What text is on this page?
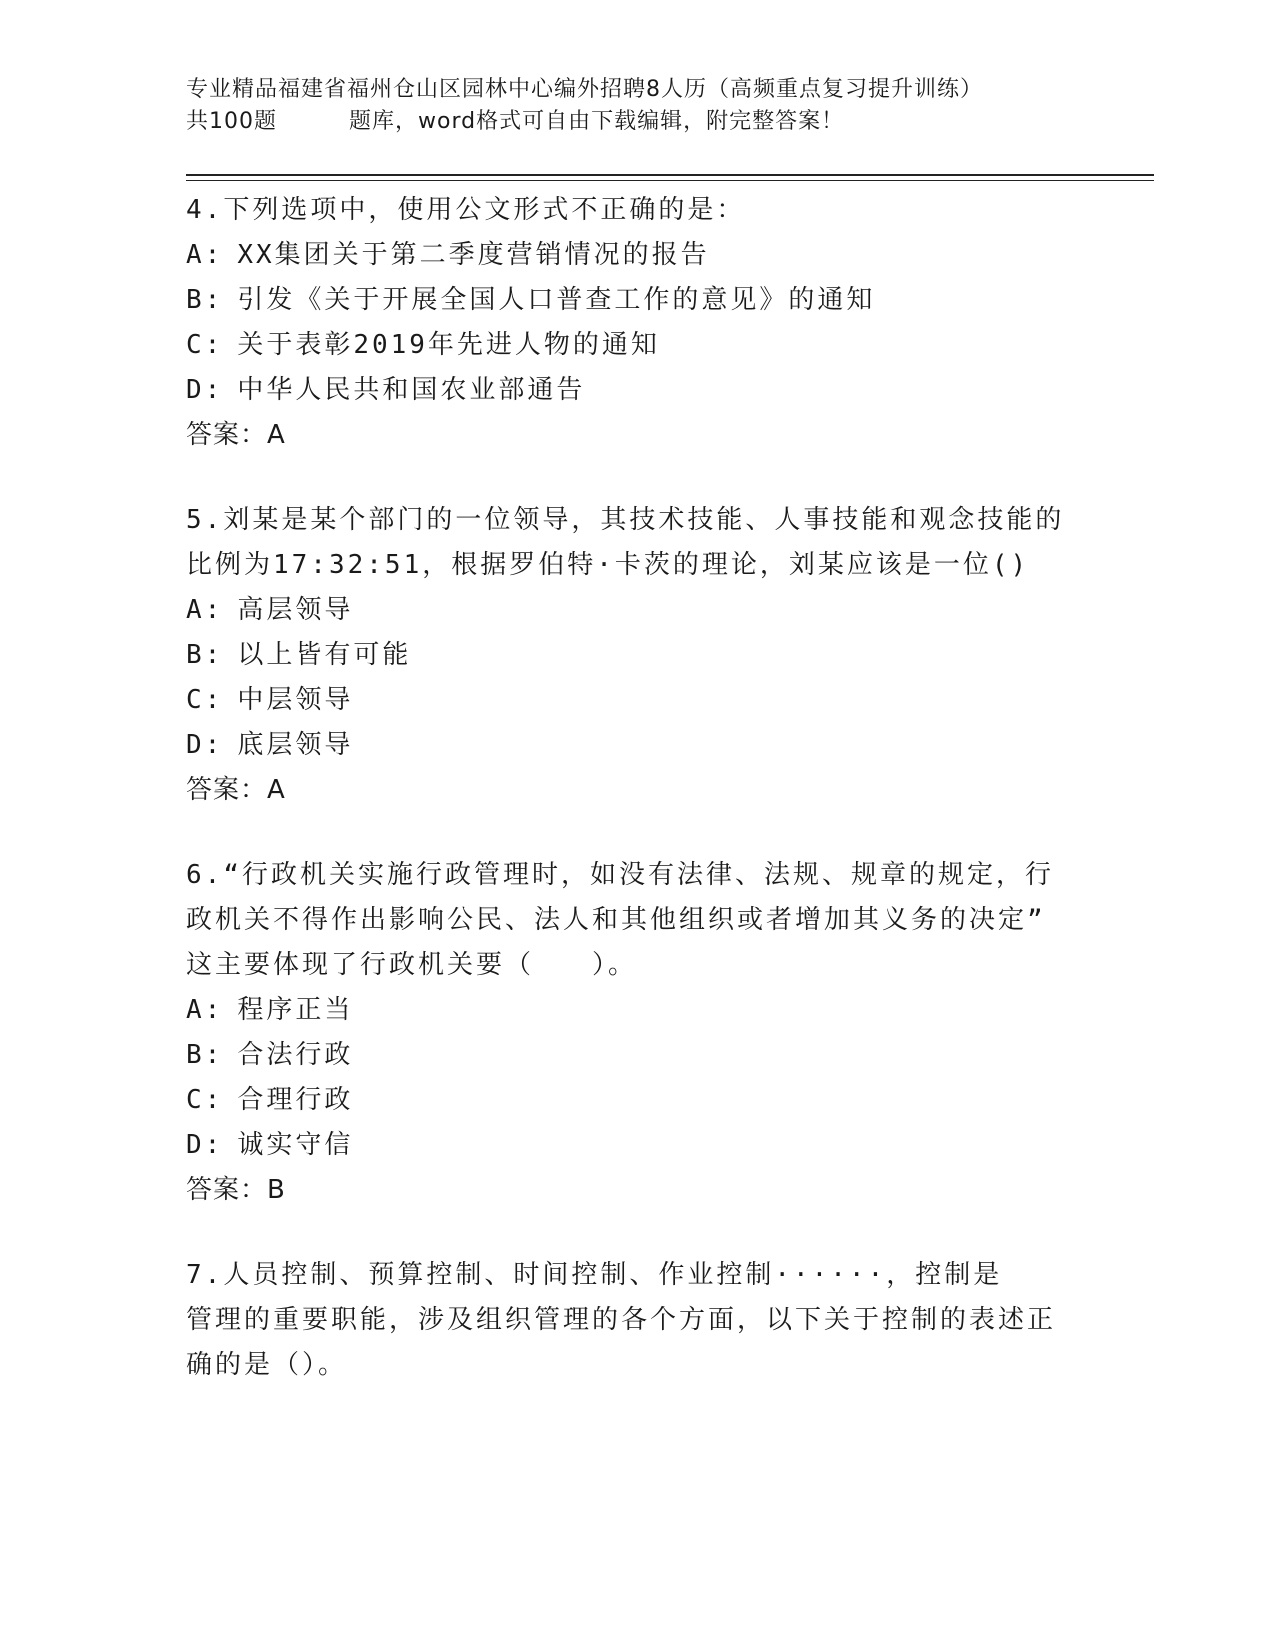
专业精品福建省福州仓山区园林中心编外招聘8人历（高频重点复习提升训练）
共100题	题库，word格式可自由下载编辑，附完整答案！

4.下列选项中，使用公文形式不正确的是：

A: XX集团关于第二季度营销情况的报告

B: 引发《关于开展全国人口普查工作的意见》的通知

C: 关于表彰2019年先进人物的通知

D: 中华人民共和国农业部通告

答案：A

5.刘某是某个部门的一位领导，其技术技能、人事技能和观念技能的
比例为17:32:51，根据罗伯特·卡茨的理论，刘某应该是一位()

A: 高层领导

B: 以上皆有可能

C: 中层领导

D: 底层领导

答案：A

6.“行政机关实施行政管理时，如没有法律、法规、规章的规定，行
政机关不得作出影响公民、法人和其他组织或者增加其义务的决定”
这主要体现了行政机关要（　　）。

A: 程序正当

B: 合法行政

C: 合理行政

D: 诚实守信

答案：B

7.人员控制、预算控制、时间控制、作业控制······，控制是
管理的重要职能，涉及组织管理的各个方面，以下关于控制的表述正
确的是（）。
